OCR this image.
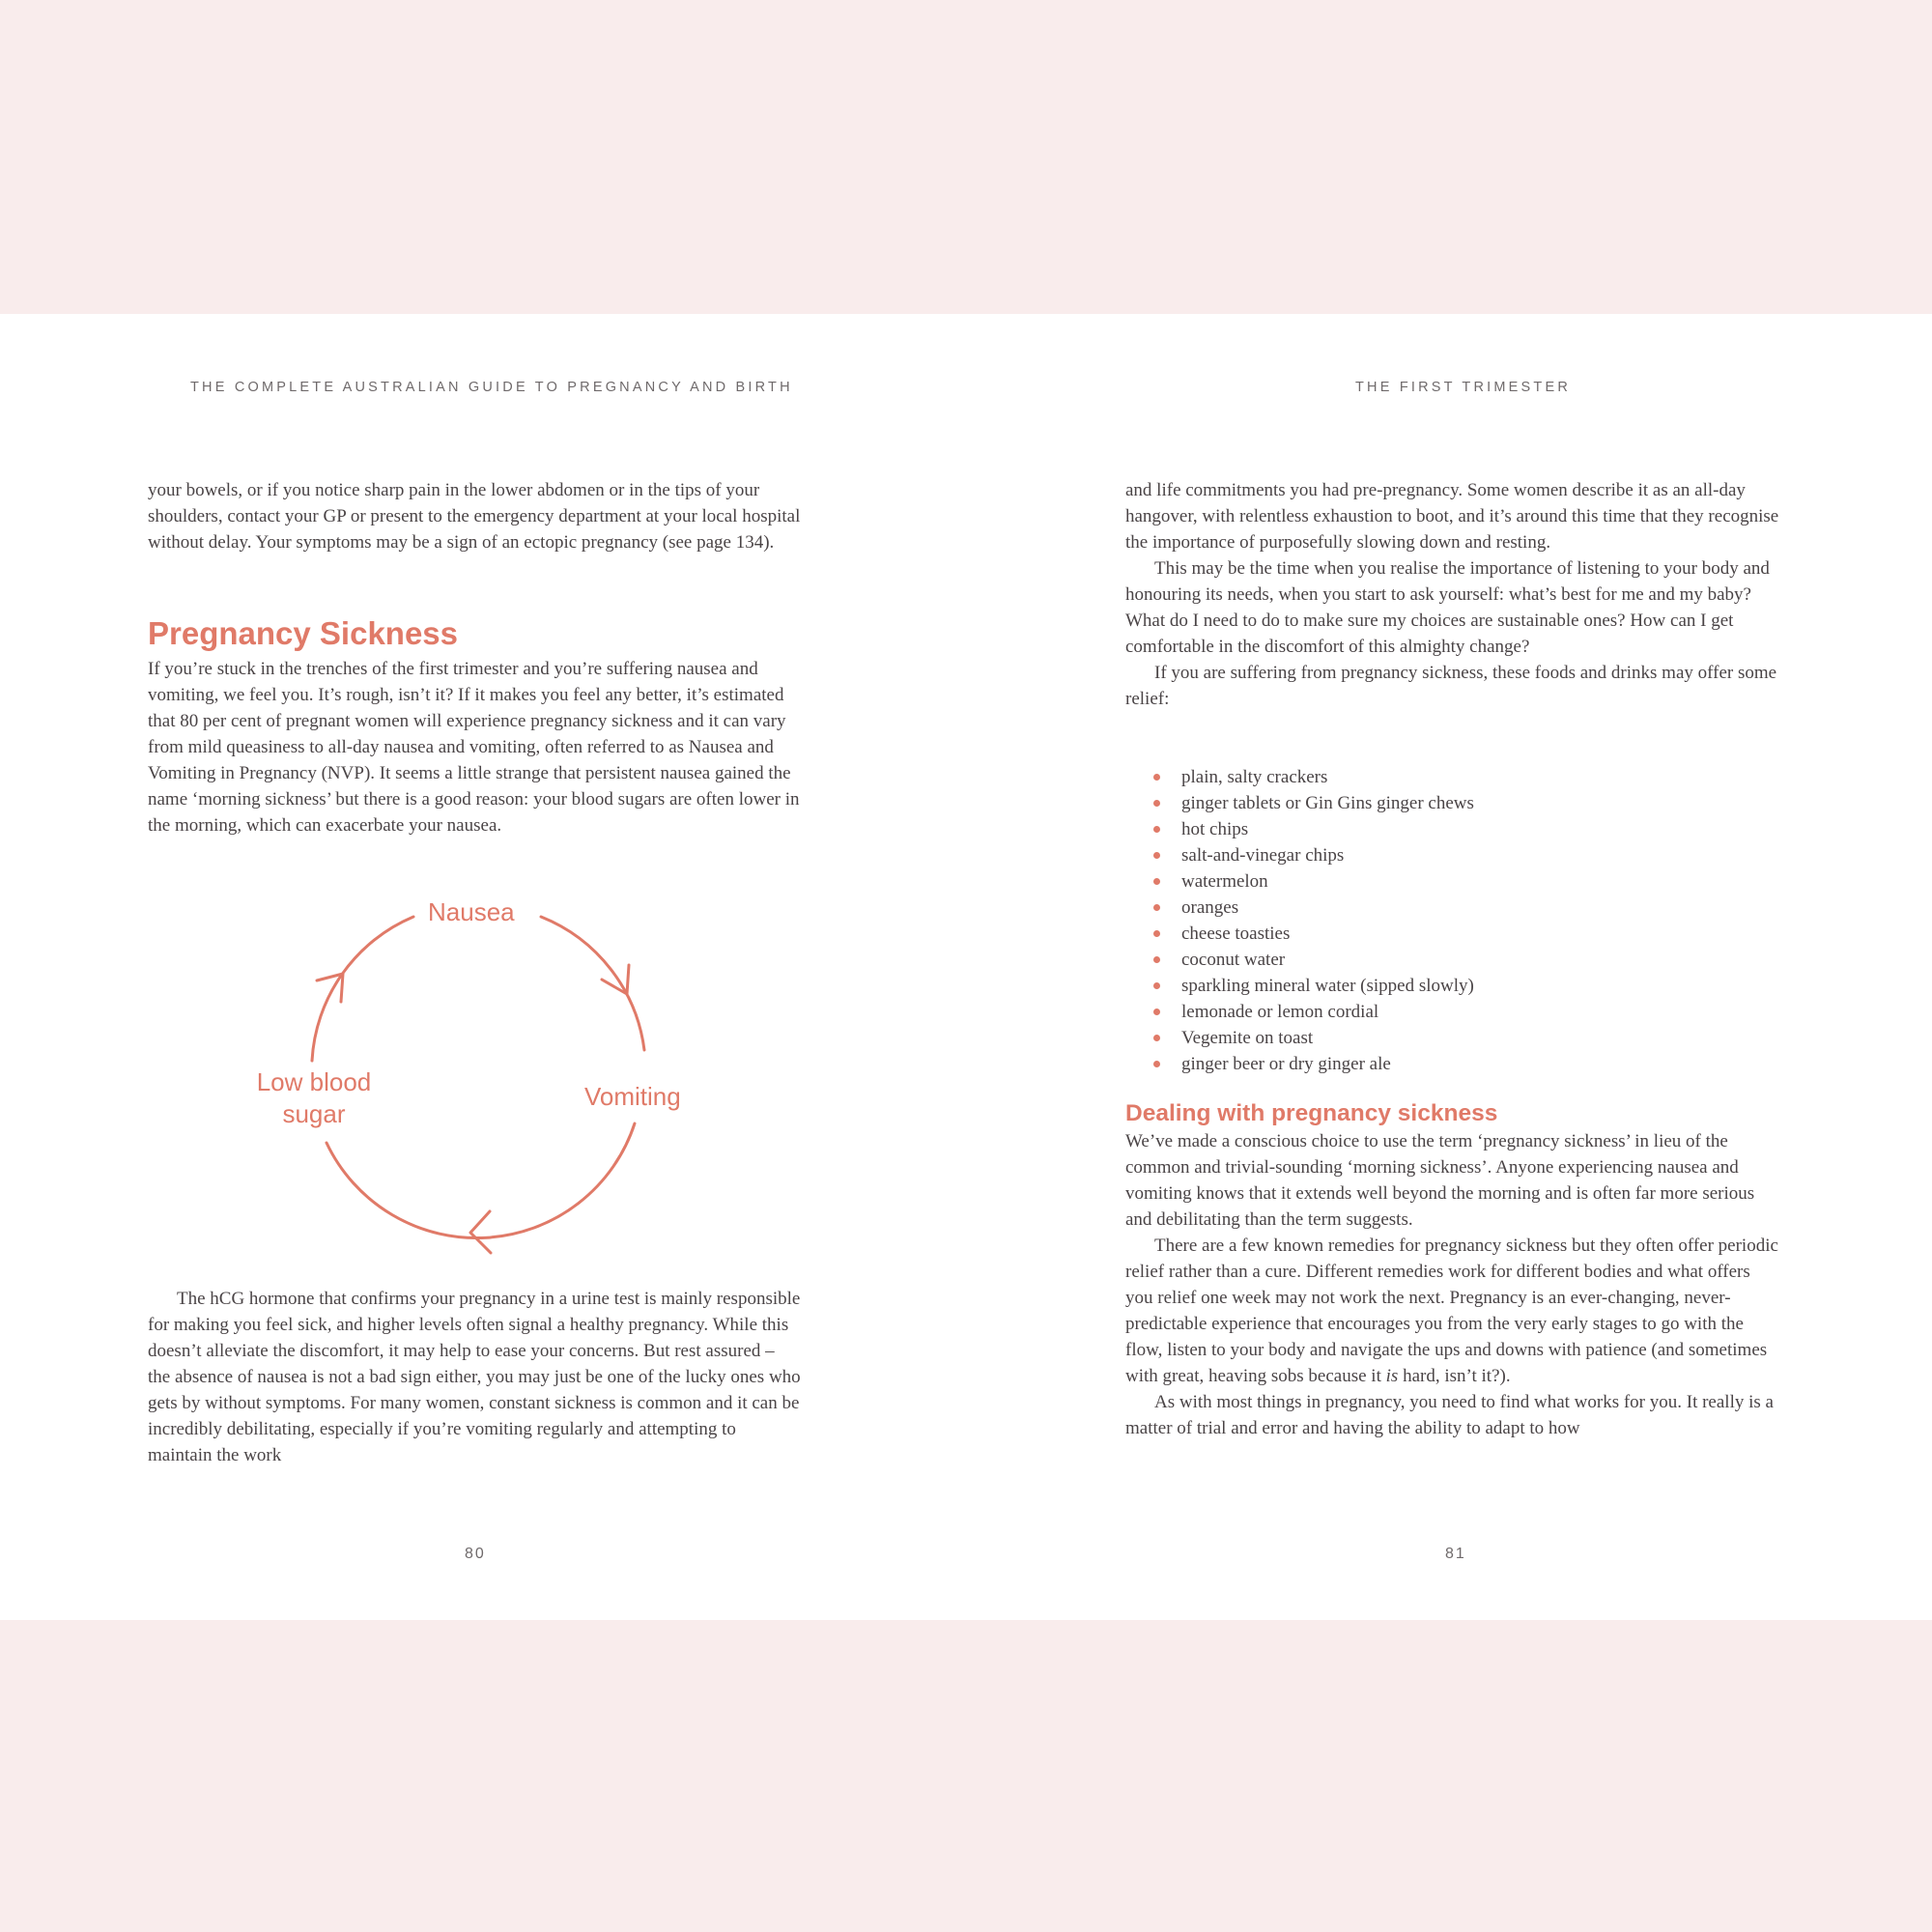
THE COMPLETE AUSTRALIAN GUIDE TO PREGNANCY AND BIRTH

your bowels, or if you notice sharp pain in the lower abdomen or in the tips of your shoulders, contact your GP or present to the emergency department at your local hospital without delay. Your symptoms may be a sign of an ectopic pregnancy (see page 134).

Pregnancy Sickness

If you’re stuck in the trenches of the first trimester and you’re suffering nausea and vomiting, we feel you. It’s rough, isn’t it? If it makes you feel any better, it’s estimated that 80 per cent of pregnant women will experience pregnancy sickness and it can vary from mild queasiness to all-day nausea and vomiting, often referred to as Nausea and Vomiting in Pregnancy (NVP). It seems a little strange that persistent nausea gained the name ‘morning sickness’ but there is a good reason: your blood sugars are often lower in the morning, which can exacerbate your nausea.

Nausea
Vomiting
Low blood
sugar

The hCG hormone that confirms your pregnancy in a urine test is mainly responsible for making you feel sick, and higher levels often signal a healthy pregnancy. While this doesn’t alleviate the discomfort, it may help to ease your concerns. But rest assured – the absence of nausea is not a bad sign either, you may just be one of the lucky ones who gets by without symptoms. For many women, constant sickness is common and it can be incredibly debilitating, especially if you’re vomiting regularly and attempting to maintain the work

80
THE FIRST TRIMESTER

and life commitments you had pre-pregnancy. Some women describe it as an all-day hangover, with relentless exhaustion to boot, and it’s around this time that they recognise the importance of purposefully slowing down and resting.

This may be the time when you realise the importance of listening to your body and honouring its needs, when you start to ask yourself: what’s best for me and my baby? What do I need to do to make sure my choices are sustainable ones? How can I get comfortable in the discomfort of this almighty change?

If you are suffering from pregnancy sickness, these foods and drinks may offer some relief:

plain, salty crackers
ginger tablets or Gin Gins ginger chews
hot chips
salt-and-vinegar chips
watermelon
oranges
cheese toasties
coconut water
sparkling mineral water (sipped slowly)
lemonade or lemon cordial
Vegemite on toast
ginger beer or dry ginger ale
Dealing with pregnancy sickness

We’ve made a conscious choice to use the term ‘pregnancy sickness’ in lieu of the common and trivial-sounding ‘morning sickness’. Anyone experiencing nausea and vomiting knows that it extends well beyond the morning and is often far more serious and debilitating than the term suggests.

There are a few known remedies for pregnancy sickness but they often offer periodic relief rather than a cure. Different remedies work for different bodies and what offers you relief one week may not work the next. Pregnancy is an ever-changing, never-predictable experience that encourages you from the very early stages to go with the flow, listen to your body and navigate the ups and downs with patience (and sometimes with great, heaving sobs because it is hard, isn’t it?).

As with most things in pregnancy, you need to find what works for you. It really is a matter of trial and error and having the ability to adapt to how

81
